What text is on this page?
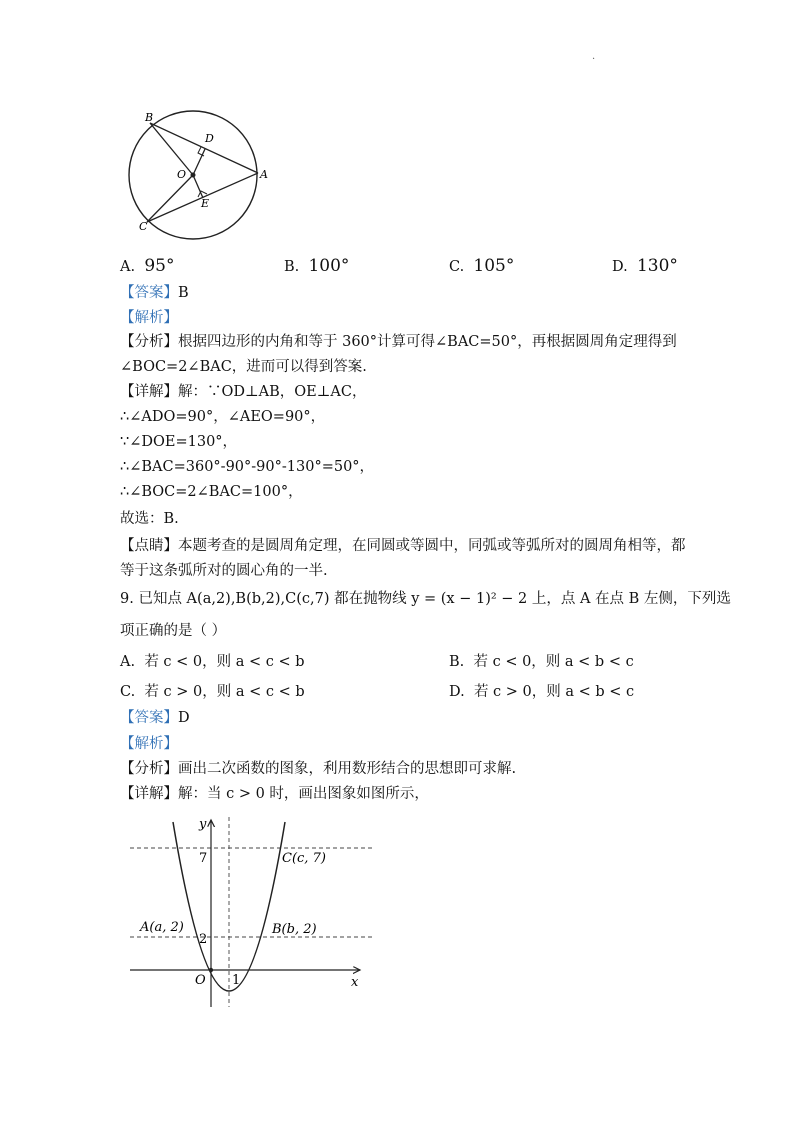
·
B
D
O	A
E
C
A. 95°	B. 100°	C. 105°	D. 130°
【答案】B
【解析】
【分析】根据四边形的内角和等于 360°计算可得∠BAC=50°，再根据圆周角定理得到
∠BOC=2∠BAC，进而可以得到答案.
【详解】解：∵OD⊥AB，OE⊥AC，
∴∠ADO=90°，∠AEO=90°，
∵∠DOE=130°，
∴∠BAC=360°-90°-90°-130°=50°，
∴∠BOC=2∠BAC=100°，
故选：B.
【点睛】本题考查的是圆周角定理，在同圆或等圆中，同弧或等弧所对的圆周角相等，都
等于这条弧所对的圆心角的一半.
9. 已知点 A(a,2),B(b,2),C(c,7) 都在抛物线 y = (x − 1)² − 2 上，点 A 在点 B 左侧，下列选
项正确的是（ ）
A. 若 c < 0，则 a < c < b	B. 若 c < 0，则 a < b < c
C. 若 c > 0，则 a < c < b	D. 若 c > 0，则 a < b < c
【答案】D
【解析】
【分析】画出二次函数的图象，利用数形结合的思想即可求解.
【详解】解：当 c > 0 时，画出图象如图所示，
y
x
O 1
2
7	C(c, 7)
A(a, 2)	B(b, 2)
